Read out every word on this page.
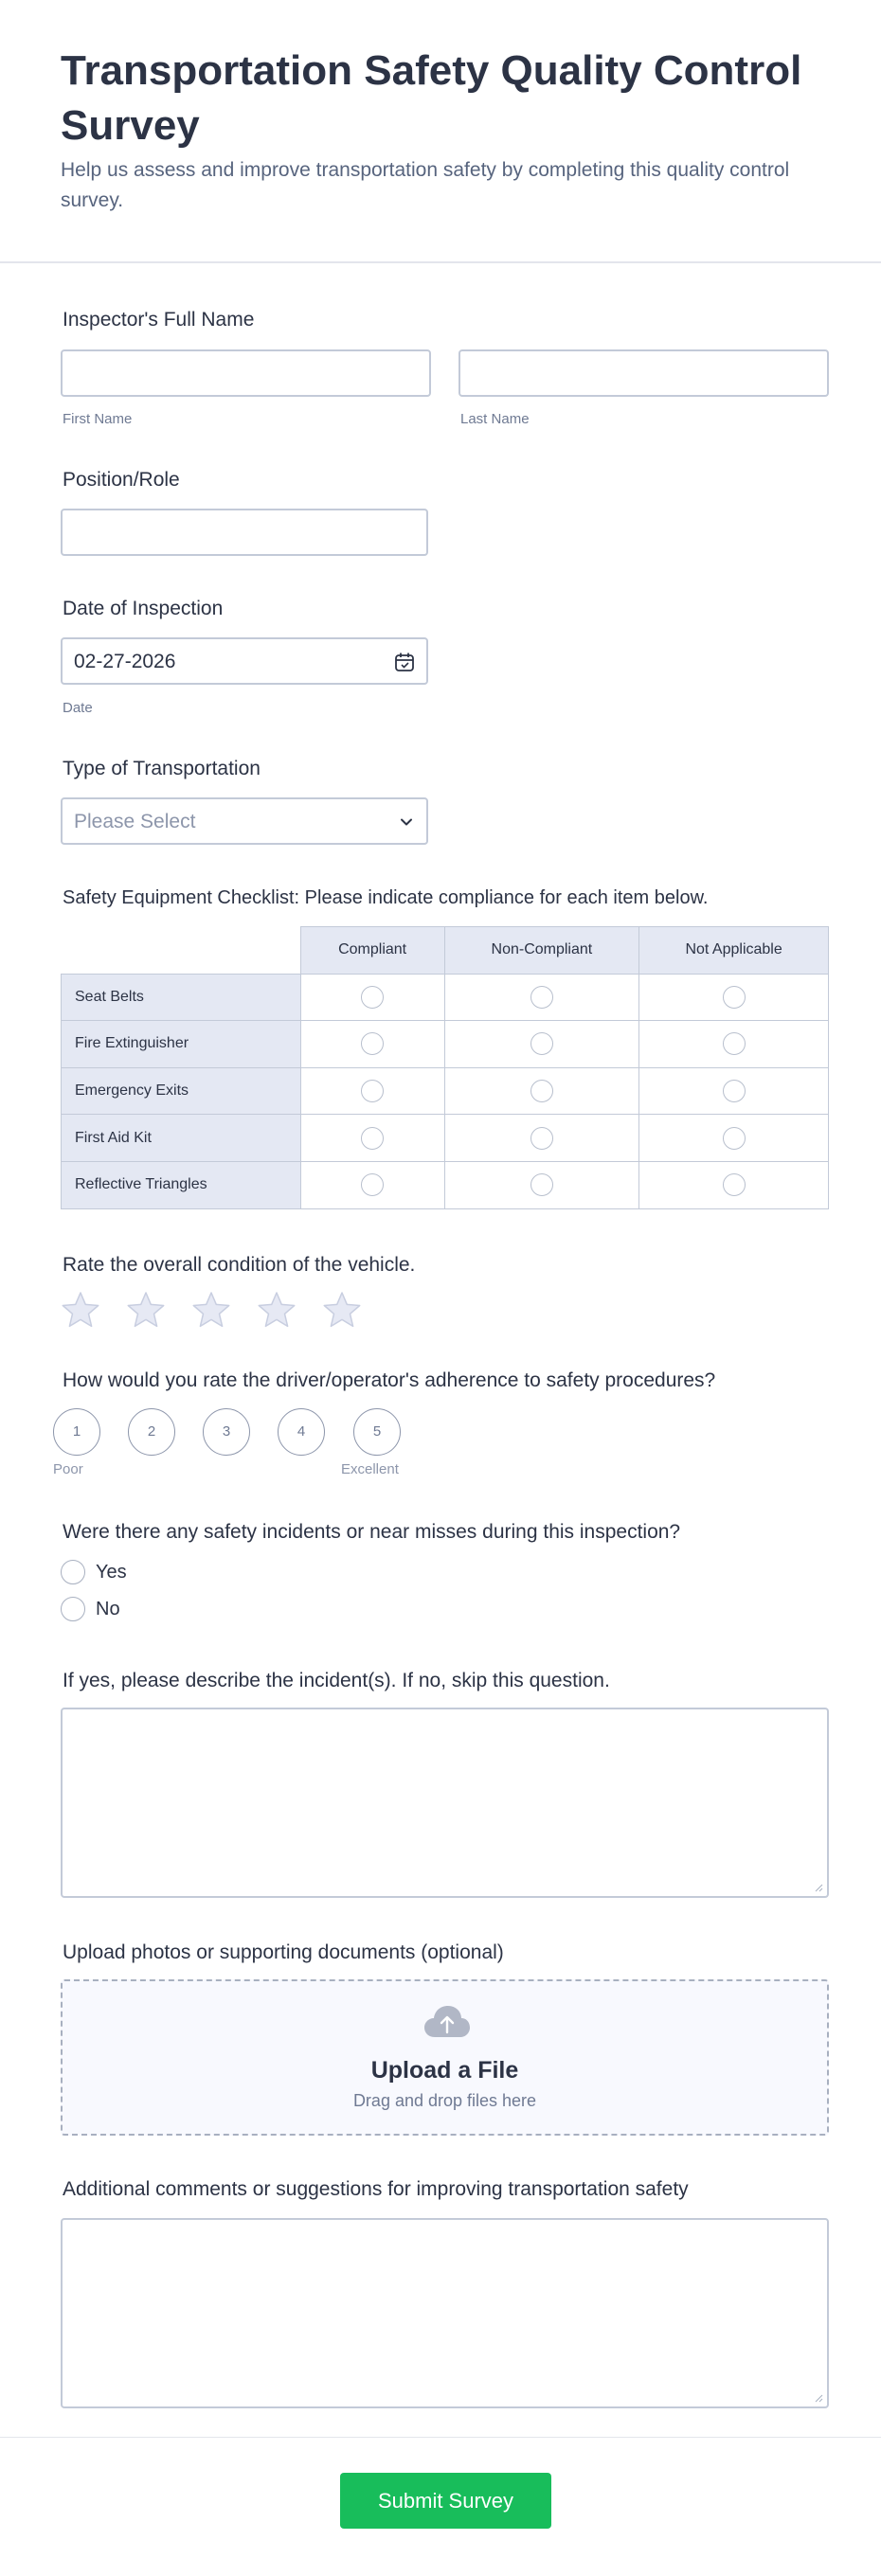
Transportation Safety Quality Control Survey
Help us assess and improve transportation safety by completing this quality control survey.
Inspector's Full Name
First Name	Last Name
Position/Role
Date of Inspection
02-27-2026
Date
Type of Transportation
Please Select
Safety Equipment Checklist: Please indicate compliance for each item below.
	Compliant	Non-Compliant	Not Applicable
Seat Belts			
Fire Extinguisher			
Emergency Exits			
First Aid Kit			
Reflective Triangles			
Rate the overall condition of the vehicle.
How would you rate the driver/operator's adherence to safety procedures?
1	2	3	4	5
Poor	Excellent
Were there any safety incidents or near misses during this inspection?
Yes
No
If yes, please describe the incident(s). If no, skip this question.
Upload photos or supporting documents (optional)
Upload a File
Drag and drop files here
Additional comments or suggestions for improving transportation safety
Submit Survey
